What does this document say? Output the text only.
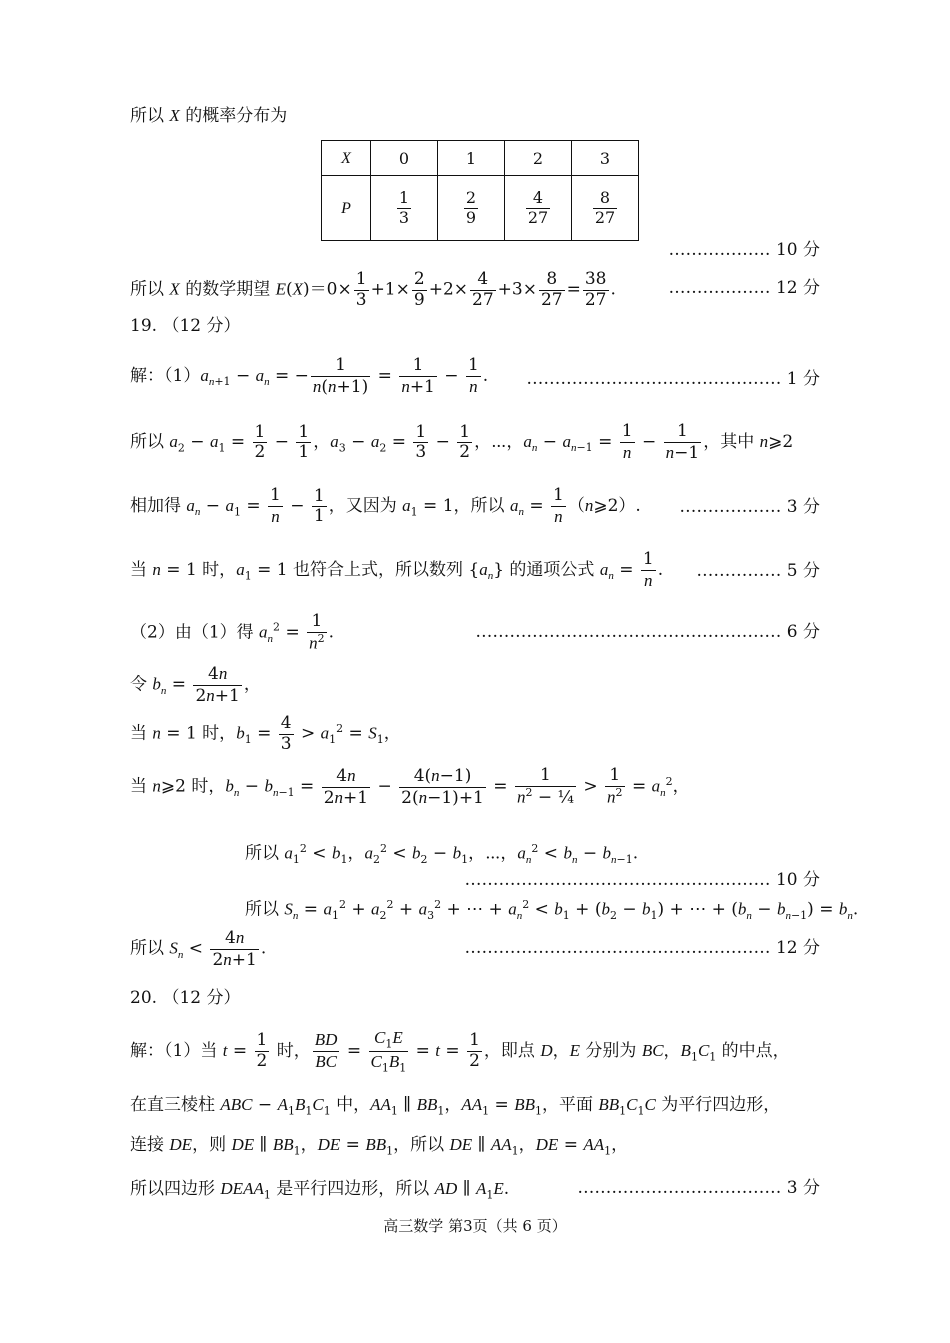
所以 X 的概率分布为
X	0	1	2	3
P	$\frac{1}{3}$	$\frac{2}{9}$	$\frac{4}{27}$	$\frac{8}{27}$
……………… 10 分
所以 X 的数学期望 $E(X)=0\times \frac{1}{3} +1\times \frac{2}{9} +2\times \frac{4}{27} +3\times \frac{8}{27} = \frac{38}{27}$ .	……………… 12 分
19. （12 分）
解：$(1)a_{n+1} - a_n$ = − $\frac{1}{n(n+1)} = \frac{1}{n+1} - \frac{1}{n}$ . ……………………………………… 1 分
所以 $a_2 - a_1 = \frac{1}{2} - \frac{1}{1}$ ，$a_3 - a_2 = \frac{1}{3} - \frac{1}{2}$ ，⋯，$a_n - a_{n-1} = \frac{1}{n} - \frac{1}{n-1}$ ，其中 n⩾2
相加得 $a_n - a_1 = \frac{1}{n} - \frac{1}{1}$ ，又因为 $a_1 = 1$，所以 $a_n = \frac{1}{n}$ （n⩾2）. ……………… 3 分
当 n = 1 时，$a_1 = 1$ 也符合上式，所以数列 $\{a_n\}$ 的通项公式 $a_n = \frac{1}{n}$ . …………… 5 分
（2）由（1）得 $a_n^2 = \frac{1}{n^2}$ .	……………………………………………… 6 分
令 $b_n = \frac{4n}{2n+1}$ ，
当 n = 1 时，$b_1 = \frac{4}{3} > a_1^2 = S_1$，
当 n⩾2 时，$b_n - b_{n-1} = \frac{4n}{2n+1} - \frac{4(n-1)}{2(n-1)+1} = \frac{1}{n^2 - \frac{1}{4}} > \frac{1}{n^2} = a_n^2$，
所以 $a_1^2 < b_1$，$a_2^2 < b_2 - b_1$，⋯，$a_n^2 < b_n - b_{n-1}$.
……………………………………………… 10 分
所以 $S_n = a_1^2 + a_2^2 + a_3^2$ + ⋯ + $a_n^2 < b_1 + (b_2 - b_1)$ + ⋯ + $(b_n - b_{n-1}) = b_n$.
所以 $S_n < \frac{4n}{2n+1}$ .	……………………………………………… 12 分
20. （12 分）
解：（1）当 $t = \frac{1}{2}$ 时， $\frac{BD}{BC} = \frac{C_1E}{C_1B_1} = t = \frac{1}{2}$ ，即点 D，E 分别为 BC，$B_1C_1$ 的中点，
在直三棱柱 ABC − $A_1B_1C_1$ 中，$AA_1$ ∥ $BB_1$，$AA_1 = BB_1$，平面 $BB_1C_1C$ 为平行四边形，
连接 DE，则 DE ∥ $BB_1$，DE = $BB_1$，所以 DE ∥ $AA_1$，DE = $AA_1$，
所以四边形 $DEAA_1$ 是平行四边形，所以 AD ∥ $A_1E$.	……………………………… 3 分
高三数学 第3页（共 6 页）
